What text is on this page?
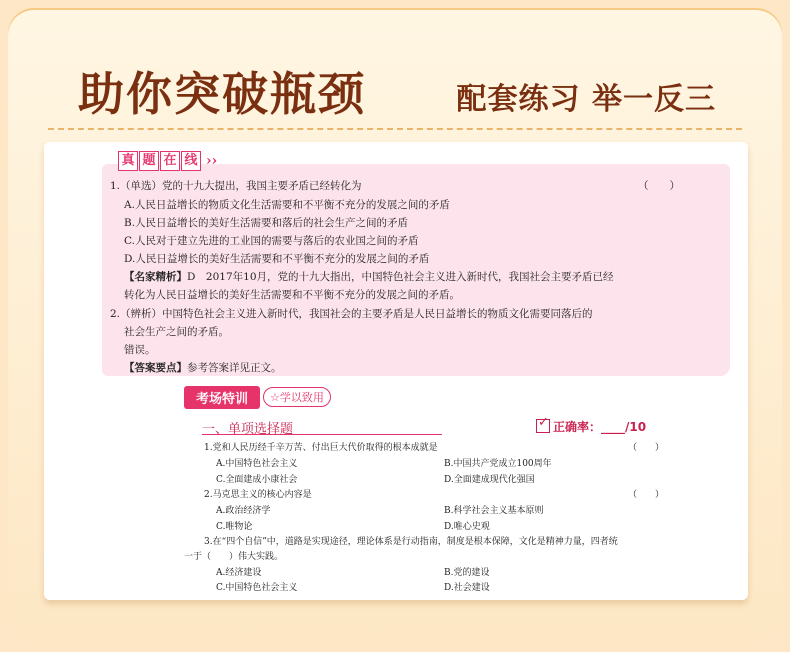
助你突破瓶颈	配套练习 举一反三
真 题 在 线 ››
1.（单选）党的十九大提出，我国主要矛盾已经转化为	（　　）
A.人民日益增长的物质文化生活需要和不平衡不充分的发展之间的矛盾
B.人民日益增长的美好生活需要和落后的社会生产之间的矛盾
C.人民对于建立先进的工业国的需要与落后的农业国之间的矛盾
D.人民日益增长的美好生活需要和不平衡不充分的发展之间的矛盾
【名家精析】D　2017年10月，党的十九大指出，中国特色社会主义进入新时代，我国社会主要矛盾已经
转化为人民日益增长的美好生活需要和不平衡不充分的发展之间的矛盾。
2.（辨析）中国特色社会主义进入新时代，我国社会的主要矛盾是人民日益增长的物质文化需要同落后的
社会生产之间的矛盾。
错误。
【答案要点】参考答案详见正文。
考场特训	☆学以致用
一、单项选择题
✓	正确率：____/10
1.党和人民历经千辛万苦、付出巨大代价取得的根本成就是	（　　）
A.中国特色社会主义	B.中国共产党成立100周年
C.全面建成小康社会	D.全面建成现代化强国
2.马克思主义的核心内容是	（　　）
A.政治经济学	B.科学社会主义基本原则
C.唯物论	D.唯心史观
3.在“四个自信”中，道路是实现途径，理论体系是行动指南，制度是根本保障，文化是精神力量，四者统
一于（　　）伟大实践。
A.经济建设	B.党的建设
C.中国特色社会主义	D.社会建设
